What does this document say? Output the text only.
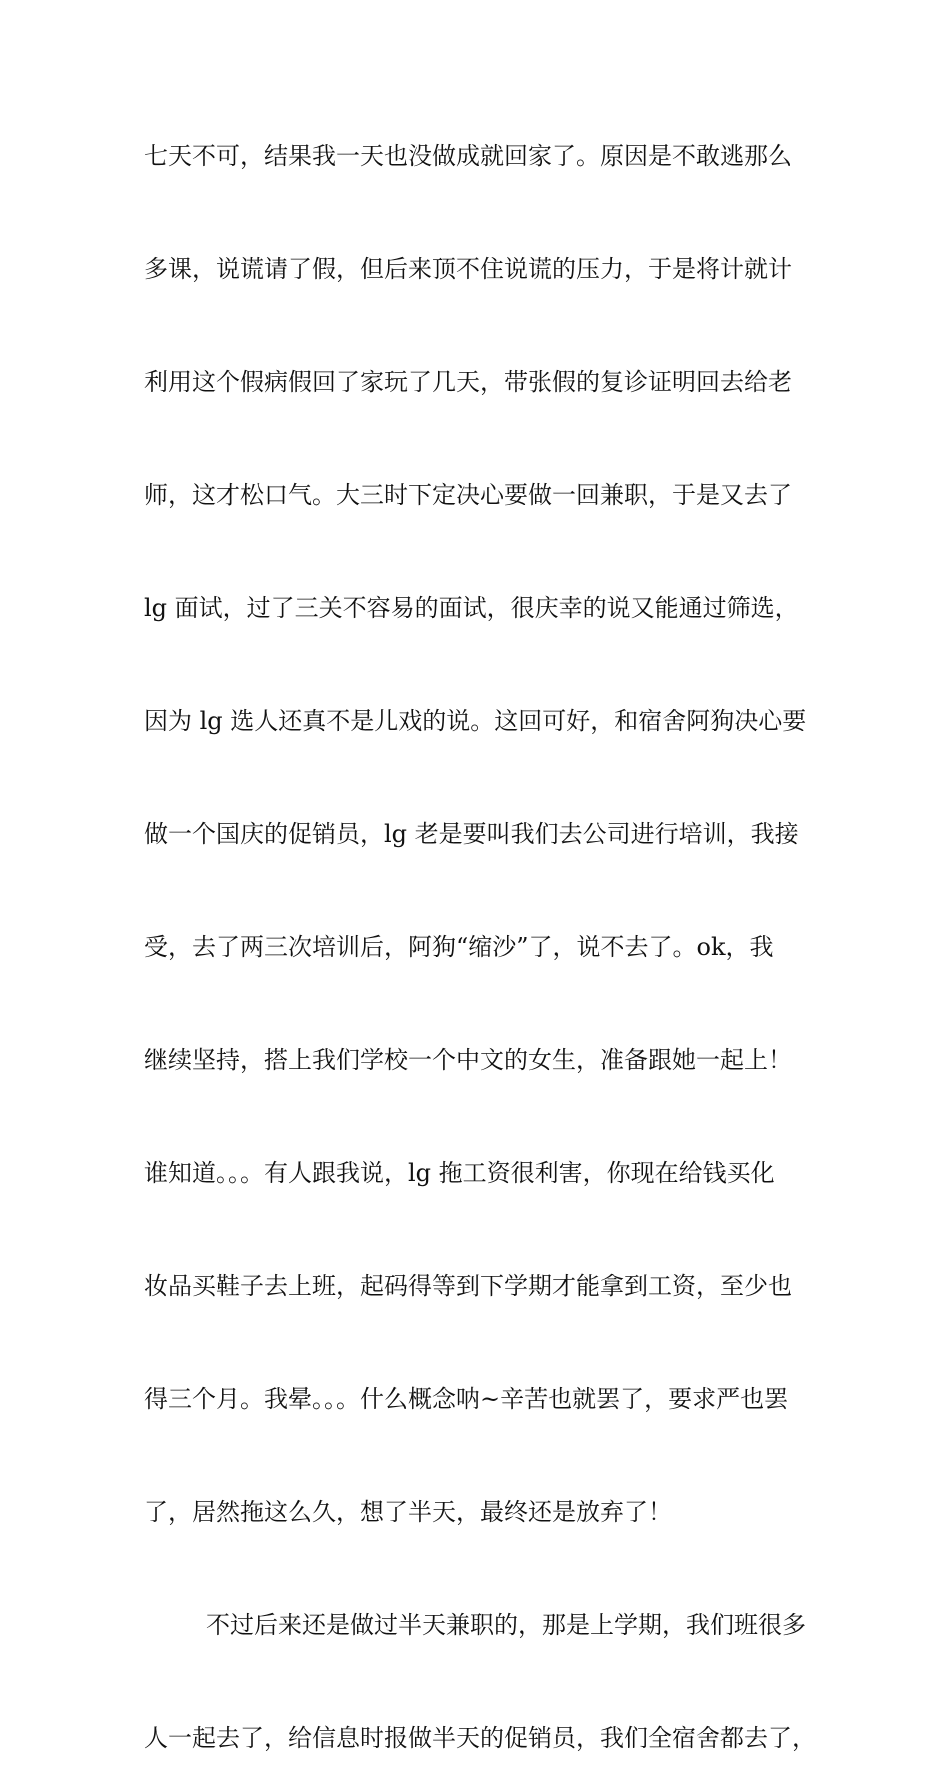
七天不可，结果我一天也没做成就回家了。原因是不敢逃那么
多课，说谎请了假，但后来顶不住说谎的压力，于是将计就计
利用这个假病假回了家玩了几天，带张假的复诊证明回去给老
师，这才松口气。大三时下定决心要做一回兼职，于是又去了
lg 面试，过了三关不容易的面试，很庆幸的说又能通过筛选，
因为 lg 选人还真不是儿戏的说。这回可好，和宿舍阿狗决心要
做一个国庆的促销员，lg 老是要叫我们去公司进行培训，我接
受，去了两三次培训后，阿狗“缩沙”了，说不去了。ok，我
继续坚持，搭上我们学校一个中文的女生，准备跟她一起上！
谁知道。。。有人跟我说，lg 拖工资很利害，你现在给钱买化
妆品买鞋子去上班，起码得等到下学期才能拿到工资，至少也
得三个月。我晕。。。什么概念呐~辛苦也就罢了，要求严也罢
了，居然拖这么久，想了半天，最终还是放弃了！
不过后来还是做过半天兼职的，那是上学期，我们班很多
人一起去了，给信息时报做半天的促销员，我们全宿舍都去了，
